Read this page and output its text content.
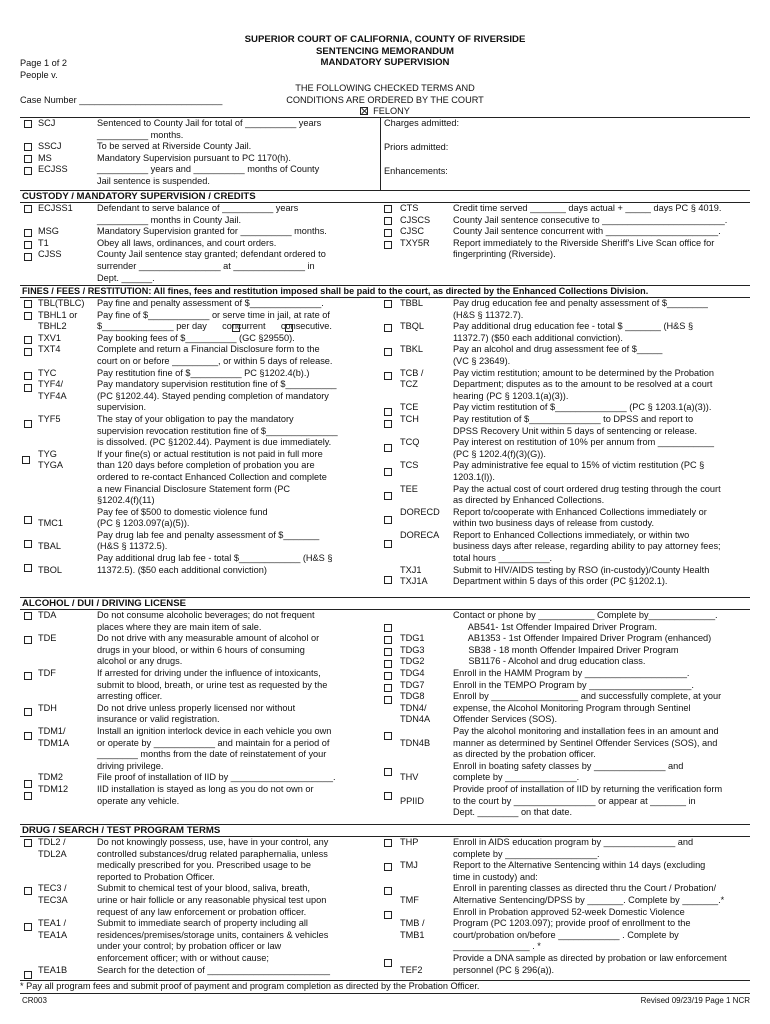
SUPERIOR COURT OF CALIFORNIA, COUNTY OF RIVERSIDE
SENTENCING MEMORANDUM
MANDATORY SUPERVISION
Page 1 of 2
People v.
Case Number ____________________________
THE FOLLOWING CHECKED TERMS AND
CONDITIONS ARE ORDERED BY THE COURT
FELONY

SCJ

SSCJ
MS
ECJSS
Sentenced to County Jail for total of __________ years
__________ months.
To be served at Riverside County Jail.
Mandatory Supervision pursuant to PC 1170(h).
__________ years and __________ months of County
Jail sentence is suspended.
Charges admitted:
Priors admitted:
Enhancements:
CUSTODY / MANDATORY SUPERVISION / CREDITS
ECJSS1

MSG
T1
CJSS
Defendant to serve balance of __________ years
__________ months in County Jail.
Mandatory Supervision granted for __________ months.
Obey all laws, ordinances, and court orders.
County Jail sentence stay granted; defendant ordered to
surrender ________________ at ______________ in
Dept. ______.
CTS
CJSCS
CJSC
TXY5R
Credit time served _______ days actual + _____ days PC § 4019.
County Jail sentence consecutive to ________________________.
County Jail sentence concurrent with ______________________.
Report immediately to the Riverside Sheriff's Live Scan office for
fingerprinting (Riverside).
FINES / FEES / RESTITUTION: All fines, fees and restitution imposed shall be paid to the court, as directed by the Enhanced Collections Division.
TBL(TBLC)
TBHL1 or
TBHL2
TXV1
TXT4

TYC
TYF4/
TYF4A

TYF5

TYG
TYGA

TMC1

TBAL

TBOL
Pay fine and penalty assessment of $______________.
Pay fine of $____________ or serve time in jail, at rate of
$______________ per day      concurrent      consecutive.
Pay booking fees of $__________ (GC §29550).
Complete and return a Financial Disclosure form to the
court on or before _________, or within 5 days of release.
Pay restitution fine of $__________ PC §1202.4(b).)
Pay mandatory supervision restitution fine of $__________
(PC §1202.44). Stayed pending completion of mandatory
supervision.
The stay of your obligation to pay the mandatory
supervision revocation restitution fine of $______________
is dissolved. (PC §1202.44). Payment is due immediately.
If your fine(s) or actual restitution is not paid in full more
than 120 days before completion of probation you are
ordered to re-contact Enhanced Collection and complete
a new Financial Disclosure Statement form (PC
§1202.4(f)(11)
Pay fee of $500 to domestic violence fund
(PC § 1203.097(a)(5)).
Pay drug lab fee and penalty assessment of $_______
(H&S § 11372.5).
Pay additional drug lab fee - total $____________ (H&S §
11372.5). ($50 each additional conviction)
TBBL

TBQL

TBKL

TCB /
TCZ

TCE
TCH

TCQ

TCS

TEE

DORECD

DORECA

TXJ1
TXJ1A
Pay drug education fee and penalty assessment of $________
(H&S § 11372.7).
Pay additional drug education fee - total $ _______ (H&S §
11372.7) ($50 each additional conviction).
Pay an alcohol and drug assessment fee of $_____
(VC § 23649).
Pay victim restitution; amount to be determined by the Probation
Department; disputes as to the amount to be resolved at a court
hearing (PC § 1203.1(a)(3)).
Pay victim restitution of $______________ (PC § 1203.1(a)(3)).
Pay restitution of $______________ to DPSS and report to
DPSS Recovery Unit within 5 days of sentencing or release.
Pay interest on restitution of 10% per annum from ___________
(PC § 1202.4(f)(3)(G)).
Pay administrative fee equal to 15% of victim restitution (PC §
1203.1(l)).
Pay the actual cost of court ordered drug testing through the court
as directed by Enhanced Collections.
Report to/cooperate with Enhanced Collections immediately or
within two business days of release from custody.
Report to Enhanced Collections immediately, or within two
business days after release, regarding ability to pay attorney fees;
total hours __________.
Submit to HIV/AIDS testing by RSO (in-custody)/County Health
Department within 5 days of this order (PC §1202.1).
ALCOHOL / DUI / DRIVING LICENSE
TDA

TDE

TDF

TDH

TDM1/
TDM1A

TDM2
TDM12
Do not consume alcoholic beverages; do not frequent
places where they are main item of sale.
Do not drive with any measurable amount of alcohol or
drugs in your blood, or within 6 hours of consuming
alcohol or any drugs.
If arrested for driving under the influence of intoxicants,
submit to blood, breath, or urine test as requested by the
arresting officer.
Do not drive unless properly licensed nor without
insurance or valid registration.
Install an ignition interlock device in each vehicle you own
or operate by ____________ and maintain for a period of
________ months from the date of reinstatement of your
driving privilege.
File proof of installation of IID by ____________________.
IID installation is stayed as long as you do not own or
operate any vehicle.

TDG1
TDG3
TDG2
TDG4
TDG7
TDG8
TDN4/
TDN4A

TDN4B

THV

PPIID
Contact or phone by ___________ Complete by_____________.
AB541- 1st Offender Impaired Driver Program.
AB1353 - 1st Offender Impaired Driver Program (enhanced)
SB38 - 18 month Offender Impaired Driver Program
SB1176 - Alcohol and drug education class.
Enroll in the HAMM Program by ____________________.
Enroll in the TEMPO Program by ____________________.
Enroll by _________________ and successfully complete, at your
expense, the Alcohol Monitoring Program through Sentinel
Offender Services (SOS).
Pay the alcohol monitoring and installation fees in an amount and
manner as determined by Sentinel Offender Services (SOS), and
as directed by the probation officer.
Enroll in boating safety classes by ______________ and
complete by ______________.
Provide proof of installation of IID by returning the verification form
to the court by ________________ or appear at _______ in
Dept. ________ on that date.
DRUG / SEARCH / TEST PROGRAM TERMS
TDL2 /
TDL2A

TEC3 /
TEC3A

TEA1 /
TEA1A

TEA1B
Do not knowingly possess, use, have in your control, any
controlled substances/drug related paraphernalia, unless
medically prescribed for you. Prescribed usage to be
reported to Probation Officer.
Submit to chemical test of your blood, saliva, breath,
urine or hair follicle or any reasonable physical test upon
request of any law enforcement or probation officer.
Submit to immediate search of property including all
residences/premises/storage units, containers & vehicles
under your control; by probation officer or law
enforcement officer; with or without cause;
Search for the detection of ________________________
THP

TMJ

TMF

TMB /
TMB1

TEF2
Enroll in AIDS education program by ______________ and
complete by __________________.
Report to the Alternative Sentencing within 14 days (excluding
time in custody) and:
Enroll in parenting classes as directed thru the Court / Probation/
Alternative Sentencing/DPSS by _______. Complete by _______.*
Enroll in Probation approved 52-week Domestic Violence
Program (PC 1203.097); provide proof of enrollment to the
court/probation on/before ____________ . Complete by
_______________ . *
Provide a DNA sample as directed by probation or law enforcement
personnel (PC § 296(a)).
* Pay all program fees and submit proof of payment and program completion as directed by the Probation Officer.
CR003	Revised 09/23/19 Page 1 NCR
